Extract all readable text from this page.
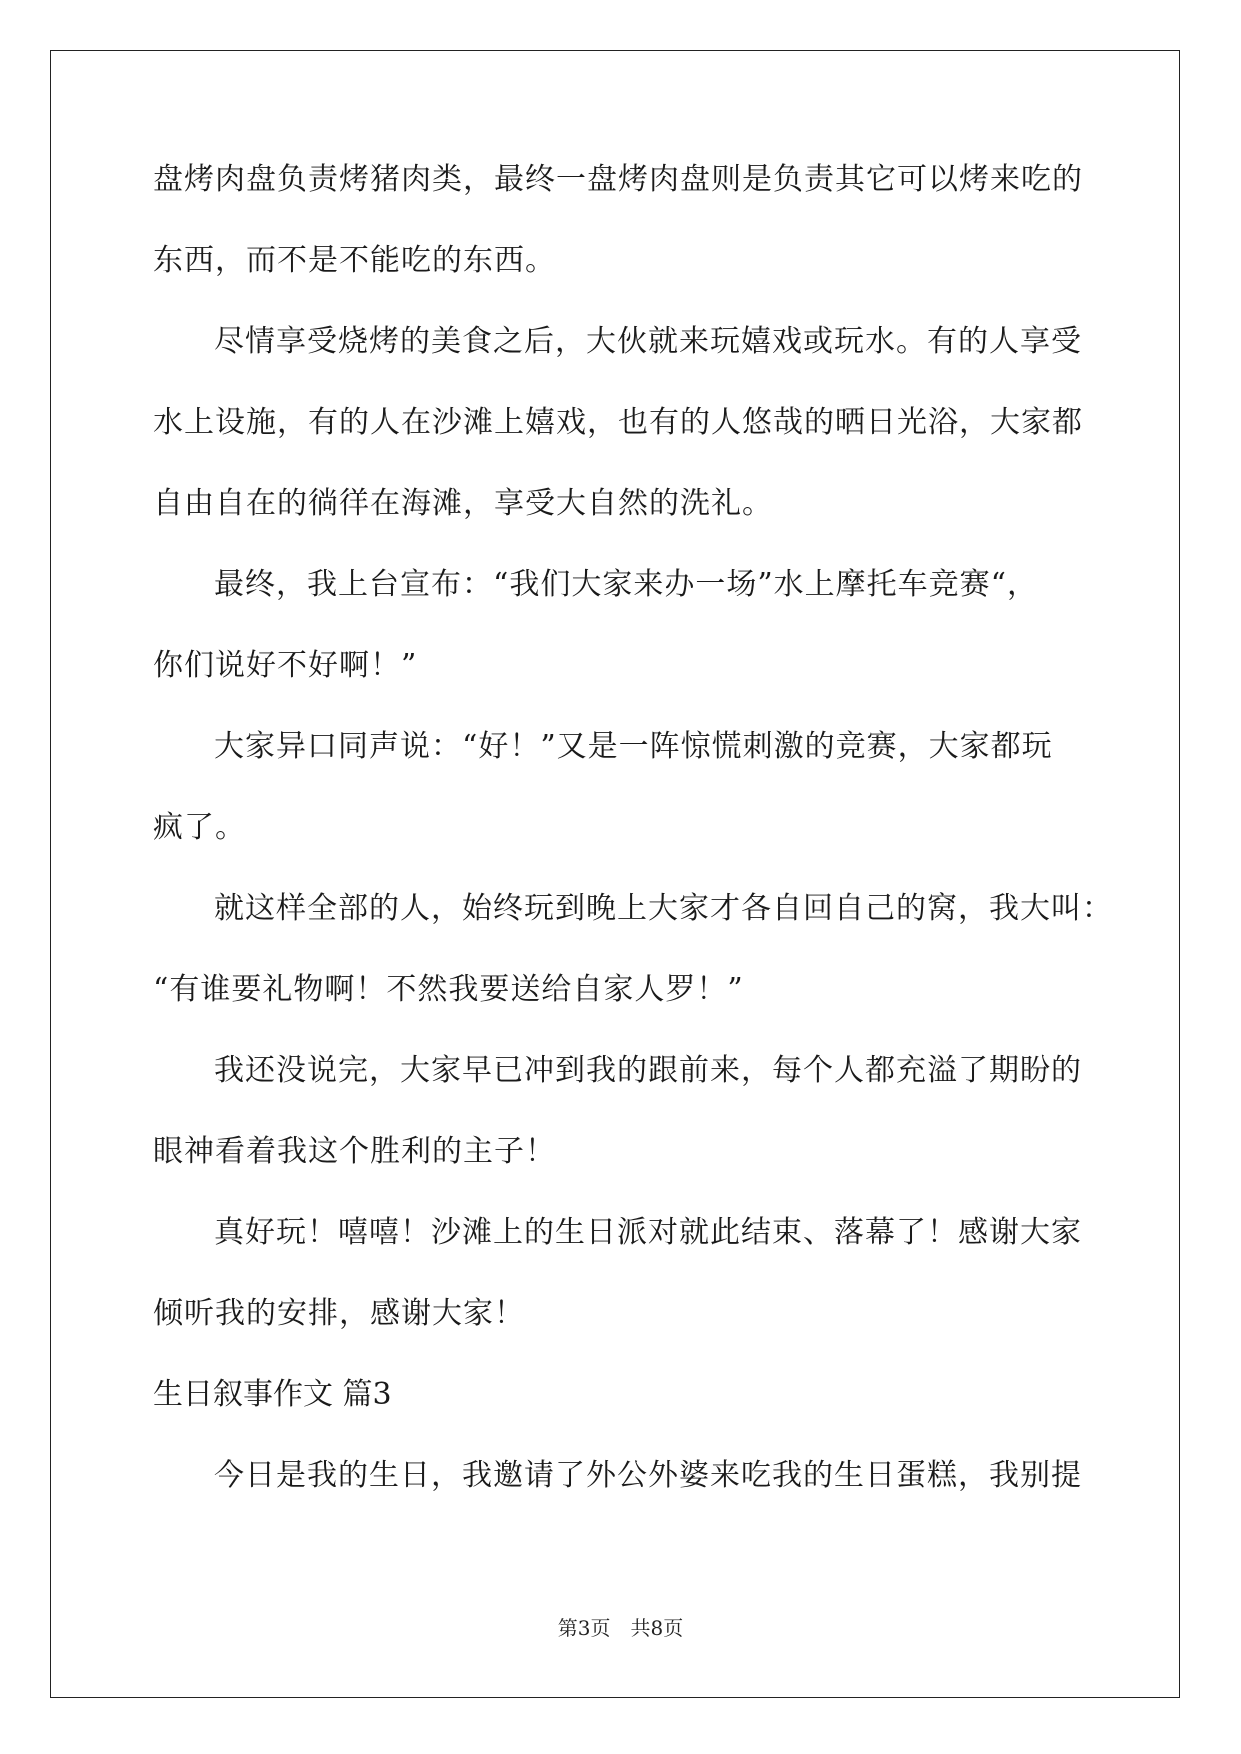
盘烤肉盘负责烤猪肉类，最终一盘烤肉盘则是负责其它可以烤来吃的
东西，而不是不能吃的东西。
尽情享受烧烤的美食之后，大伙就来玩嬉戏或玩水。有的人享受
水上设施，有的人在沙滩上嬉戏，也有的人悠哉的晒日光浴，大家都
自由自在的徜徉在海滩，享受大自然的洗礼。
最终，我上台宣布：“我们大家来办一场”水上摩托车竞赛“，
你们说好不好啊！”
大家异口同声说：“好！”又是一阵惊慌刺激的竞赛，大家都玩
疯了。
就这样全部的人，始终玩到晚上大家才各自回自己的窝，我大叫：
“有谁要礼物啊！不然我要送给自家人罗！”
我还没说完，大家早已冲到我的跟前来，每个人都充溢了期盼的
眼神看着我这个胜利的主子！
真好玩！嘻嘻！沙滩上的生日派对就此结束、落幕了！感谢大家
倾听我的安排，感谢大家！
生日叙事作文 篇3
今日是我的生日，我邀请了外公外婆来吃我的生日蛋糕，我别提
第3页　共8页
